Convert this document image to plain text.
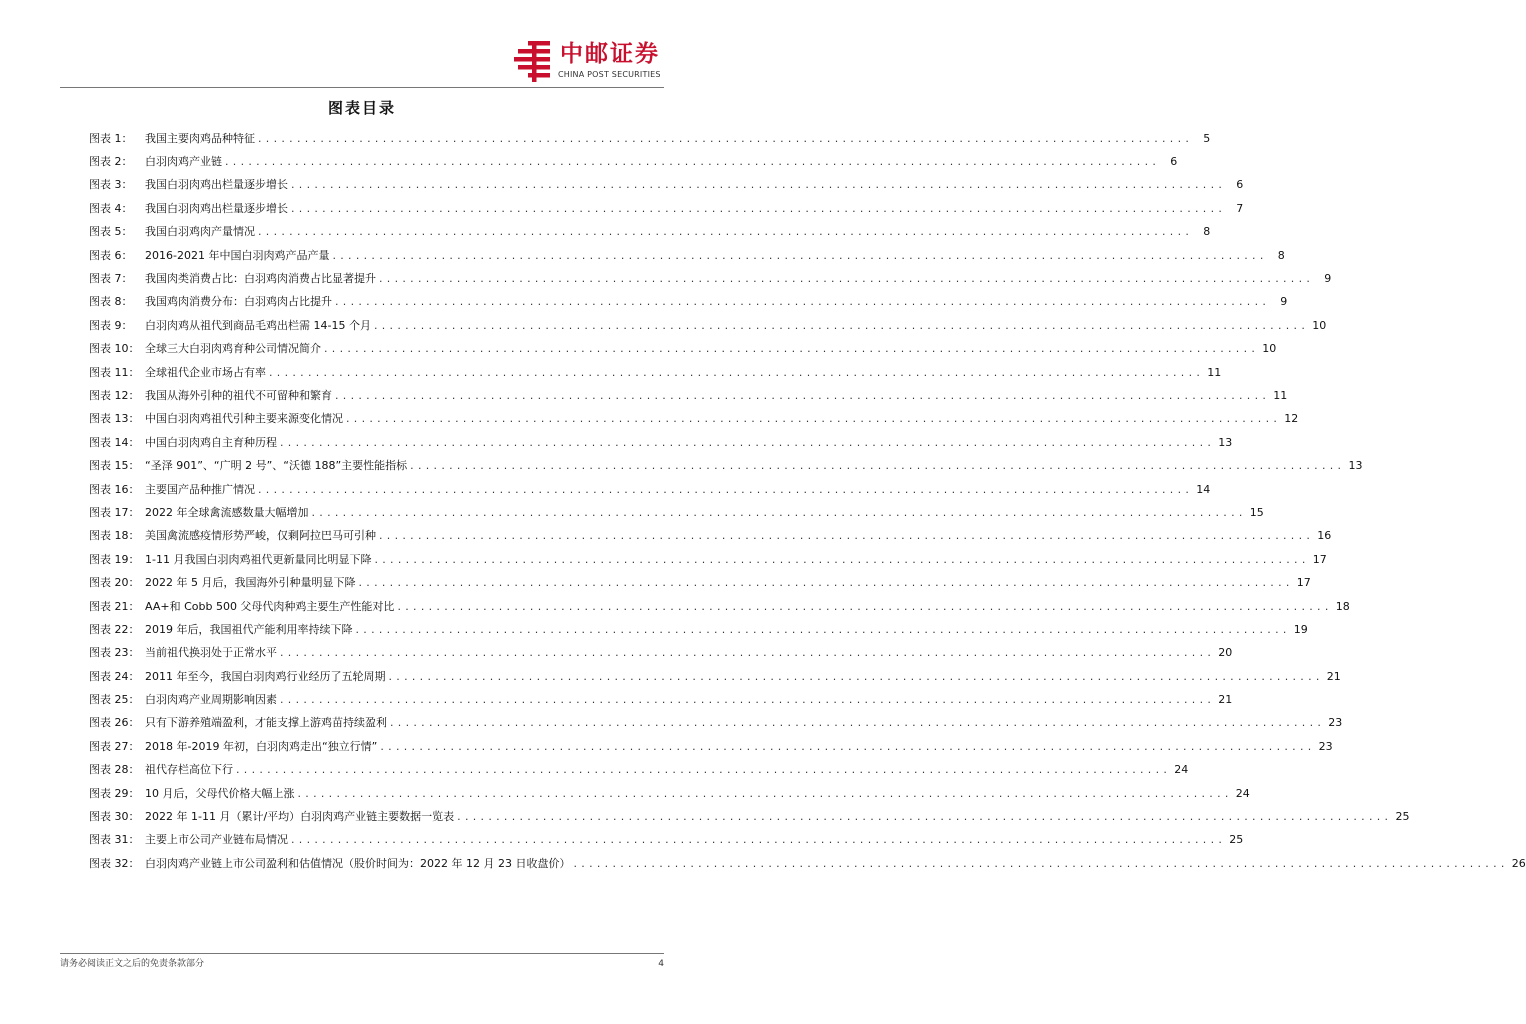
中邮证券
CHINA POST SECURITIES
图表目录
图表 1：	我国主要肉鸡品种特征 . . . . . . . . . . . . . . . . . . . . . . . . . . . . . . . . . . . . . . . . . . . . . . . . . . . . . . . . . . . . . . . . . . . . . . . . . . . . . . . . . . . . . . . . . . . . . . . . . . . . . . . . . . . . . . . . . . . . . . . .	5
图表 2：	白羽肉鸡产业链 . . . . . . . . . . . . . . . . . . . . . . . . . . . . . . . . . . . . . . . . . . . . . . . . . . . . . . . . . . . . . . . . . . . . . . . . . . . . . . . . . . . . . . . . . . . . . . . . . . . . . . . . . . . . . . . . . . . . . . . .	6
图表 3：	我国白羽肉鸡出栏量逐步增长 . . . . . . . . . . . . . . . . . . . . . . . . . . . . . . . . . . . . . . . . . . . . . . . . . . . . . . . . . . . . . . . . . . . . . . . . . . . . . . . . . . . . . . . . . . . . . . . . . . . . . . . . . . . . . . . . . . . . . . . .	6
图表 4：	我国白羽肉鸡出栏量逐步增长 . . . . . . . . . . . . . . . . . . . . . . . . . . . . . . . . . . . . . . . . . . . . . . . . . . . . . . . . . . . . . . . . . . . . . . . . . . . . . . . . . . . . . . . . . . . . . . . . . . . . . . . . . . . . . . . . . . . . . . . .	7
图表 5：	我国白羽鸡肉产量情况 . . . . . . . . . . . . . . . . . . . . . . . . . . . . . . . . . . . . . . . . . . . . . . . . . . . . . . . . . . . . . . . . . . . . . . . . . . . . . . . . . . . . . . . . . . . . . . . . . . . . . . . . . . . . . . . . . . . . . . . .	8
图表 6：	2016-2021 年中国白羽肉鸡产品产量 . . . . . . . . . . . . . . . . . . . . . . . . . . . . . . . . . . . . . . . . . . . . . . . . . . . . . . . . . . . . . . . . . . . . . . . . . . . . . . . . . . . . . . . . . . . . . . . . . . . . . . . . . . . . . . . . . . . . . . . .	8
图表 7：	我国肉类消费占比：白羽鸡肉消费占比显著提升 . . . . . . . . . . . . . . . . . . . . . . . . . . . . . . . . . . . . . . . . . . . . . . . . . . . . . . . . . . . . . . . . . . . . . . . . . . . . . . . . . . . . . . . . . . . . . . . . . . . . . . . . . . . . . . . . . . . . . . . .	9
图表 8：	我国鸡肉消费分布：白羽鸡肉占比提升 . . . . . . . . . . . . . . . . . . . . . . . . . . . . . . . . . . . . . . . . . . . . . . . . . . . . . . . . . . . . . . . . . . . . . . . . . . . . . . . . . . . . . . . . . . . . . . . . . . . . . . . . . . . . . . . . . . . . . . . .	9
图表 9：	白羽肉鸡从祖代到商品毛鸡出栏需 14-15 个月 . . . . . . . . . . . . . . . . . . . . . . . . . . . . . . . . . . . . . . . . . . . . . . . . . . . . . . . . . . . . . . . . . . . . . . . . . . . . . . . . . . . . . . . . . . . . . . . . . . . . . . . . . . . . . . . . . . . . . . . . 10
图表 10： 全球三大白羽肉鸡育种公司情况简介 . . . . . . . . . . . . . . . . . . . . . . . . . . . . . . . . . . . . . . . . . . . . . . . . . . . . . . . . . . . . . . . . . . . . . . . . . . . . . . . . . . . . . . . . . . . . . . . . . . . . . . . . . . . . . . . . . . . . . . . . 10
图表 11： 全球祖代企业市场占有率 . . . . . . . . . . . . . . . . . . . . . . . . . . . . . . . . . . . . . . . . . . . . . . . . . . . . . . . . . . . . . . . . . . . . . . . . . . . . . . . . . . . . . . . . . . . . . . . . . . . . . . . . . . . . . . . . . . . . . . . . 11
图表 12： 我国从海外引种的祖代不可留种和繁育 . . . . . . . . . . . . . . . . . . . . . . . . . . . . . . . . . . . . . . . . . . . . . . . . . . . . . . . . . . . . . . . . . . . . . . . . . . . . . . . . . . . . . . . . . . . . . . . . . . . . . . . . . . . . . . . . . . . . . . . . 11
图表 13： 中国白羽肉鸡祖代引种主要来源变化情况 . . . . . . . . . . . . . . . . . . . . . . . . . . . . . . . . . . . . . . . . . . . . . . . . . . . . . . . . . . . . . . . . . . . . . . . . . . . . . . . . . . . . . . . . . . . . . . . . . . . . . . . . . . . . . . . . . . . . . . . . 12
图表 14： 中国白羽肉鸡自主育种历程 . . . . . . . . . . . . . . . . . . . . . . . . . . . . . . . . . . . . . . . . . . . . . . . . . . . . . . . . . . . . . . . . . . . . . . . . . . . . . . . . . . . . . . . . . . . . . . . . . . . . . . . . . . . . . . . . . . . . . . . . 13
图表 15： “圣泽 901”、“广明 2 号”、“沃德 188”主要性能指标 . . . . . . . . . . . . . . . . . . . . . . . . . . . . . . . . . . . . . . . . . . . . . . . . . . . . . . . . . . . . . . . . . . . . . . . . . . . . . . . . . . . . . . . . . . . . . . . . . . . . . . . . . . . . . . . . . . . . . . . . 13
图表 16： 主要国产品种推广情况 . . . . . . . . . . . . . . . . . . . . . . . . . . . . . . . . . . . . . . . . . . . . . . . . . . . . . . . . . . . . . . . . . . . . . . . . . . . . . . . . . . . . . . . . . . . . . . . . . . . . . . . . . . . . . . . . . . . . . . . . 14
图表 17： 2022 年全球禽流感数量大幅增加 . . . . . . . . . . . . . . . . . . . . . . . . . . . . . . . . . . . . . . . . . . . . . . . . . . . . . . . . . . . . . . . . . . . . . . . . . . . . . . . . . . . . . . . . . . . . . . . . . . . . . . . . . . . . . . . . . . . . . . . . 15
图表 18： 美国禽流感疫情形势严峻，仅剩阿拉巴马可引种 . . . . . . . . . . . . . . . . . . . . . . . . . . . . . . . . . . . . . . . . . . . . . . . . . . . . . . . . . . . . . . . . . . . . . . . . . . . . . . . . . . . . . . . . . . . . . . . . . . . . . . . . . . . . . . . . . . . . . . . . 16
图表 19： 1-11 月我国白羽肉鸡祖代更新量同比明显下降 . . . . . . . . . . . . . . . . . . . . . . . . . . . . . . . . . . . . . . . . . . . . . . . . . . . . . . . . . . . . . . . . . . . . . . . . . . . . . . . . . . . . . . . . . . . . . . . . . . . . . . . . . . . . . . . . . . . . . . . . 17
图表 20： 2022 年 5 月后，我国海外引种量明显下降 . . . . . . . . . . . . . . . . . . . . . . . . . . . . . . . . . . . . . . . . . . . . . . . . . . . . . . . . . . . . . . . . . . . . . . . . . . . . . . . . . . . . . . . . . . . . . . . . . . . . . . . . . . . . . . . . . . . . . . . . 17
图表 21： AA+和 Cobb 500 父母代肉种鸡主要生产性能对比 . . . . . . . . . . . . . . . . . . . . . . . . . . . . . . . . . . . . . . . . . . . . . . . . . . . . . . . . . . . . . . . . . . . . . . . . . . . . . . . . . . . . . . . . . . . . . . . . . . . . . . . . . . . . . . . . . . . . . . . . 18
图表 22： 2019 年后，我国祖代产能利用率持续下降 . . . . . . . . . . . . . . . . . . . . . . . . . . . . . . . . . . . . . . . . . . . . . . . . . . . . . . . . . . . . . . . . . . . . . . . . . . . . . . . . . . . . . . . . . . . . . . . . . . . . . . . . . . . . . . . . . . . . . . . . 19
图表 23： 当前祖代换羽处于正常水平 . . . . . . . . . . . . . . . . . . . . . . . . . . . . . . . . . . . . . . . . . . . . . . . . . . . . . . . . . . . . . . . . . . . . . . . . . . . . . . . . . . . . . . . . . . . . . . . . . . . . . . . . . . . . . . . . . . . . . . . . 20
图表 24： 2011 年至今，我国白羽肉鸡行业经历了五轮周期 . . . . . . . . . . . . . . . . . . . . . . . . . . . . . . . . . . . . . . . . . . . . . . . . . . . . . . . . . . . . . . . . . . . . . . . . . . . . . . . . . . . . . . . . . . . . . . . . . . . . . . . . . . . . . . . . . . . . . . . . 21
图表 25： 白羽肉鸡产业周期影响因素 . . . . . . . . . . . . . . . . . . . . . . . . . . . . . . . . . . . . . . . . . . . . . . . . . . . . . . . . . . . . . . . . . . . . . . . . . . . . . . . . . . . . . . . . . . . . . . . . . . . . . . . . . . . . . . . . . . . . . . . . 21
图表 26： 只有下游养殖端盈利，才能支撑上游鸡苗持续盈利 . . . . . . . . . . . . . . . . . . . . . . . . . . . . . . . . . . . . . . . . . . . . . . . . . . . . . . . . . . . . . . . . . . . . . . . . . . . . . . . . . . . . . . . . . . . . . . . . . . . . . . . . . . . . . . . . . . . . . . . . 23
图表 27： 2018 年-2019 年初，白羽肉鸡走出“独立行情” . . . . . . . . . . . . . . . . . . . . . . . . . . . . . . . . . . . . . . . . . . . . . . . . . . . . . . . . . . . . . . . . . . . . . . . . . . . . . . . . . . . . . . . . . . . . . . . . . . . . . . . . . . . . . . . . . . . . . . . . 23
图表 28： 祖代存栏高位下行 . . . . . . . . . . . . . . . . . . . . . . . . . . . . . . . . . . . . . . . . . . . . . . . . . . . . . . . . . . . . . . . . . . . . . . . . . . . . . . . . . . . . . . . . . . . . . . . . . . . . . . . . . . . . . . . . . . . . . . . . 24
图表 29： 10 月后，父母代价格大幅上涨 . . . . . . . . . . . . . . . . . . . . . . . . . . . . . . . . . . . . . . . . . . . . . . . . . . . . . . . . . . . . . . . . . . . . . . . . . . . . . . . . . . . . . . . . . . . . . . . . . . . . . . . . . . . . . . . . . . . . . . . . 24
图表 30： 2022 年 1-11 月（累计/平均）白羽肉鸡产业链主要数据一览表 . . . . . . . . . . . . . . . . . . . . . . . . . . . . . . . . . . . . . . . . . . . . . . . . . . . . . . . . . . . . . . . . . . . . . . . . . . . . . . . . . . . . . . . . . . . . . . . . . . . . . . . . . . . . . . . . . . . . . . . . 25
图表 31： 主要上市公司产业链布局情况 . . . . . . . . . . . . . . . . . . . . . . . . . . . . . . . . . . . . . . . . . . . . . . . . . . . . . . . . . . . . . . . . . . . . . . . . . . . . . . . . . . . . . . . . . . . . . . . . . . . . . . . . . . . . . . . . . . . . . . . . 25
图表 32： 白羽肉鸡产业链上市公司盈利和估值情况（股价时间为：2022 年 12 月 23 日收盘价） . . . . . . . . . . . . . . . . . . . . . . . . . . . . . . . . . . . . . . . . . . . . . . . . . . . . . . . . . . . . . . . . . . . . . . . . . . . . . . . . . . . . . . . . . . . . . . . . . . . . . . . . . . . . . . . . . . . . . . . . 26
请务必阅读正文之后的免责条款部分	4
